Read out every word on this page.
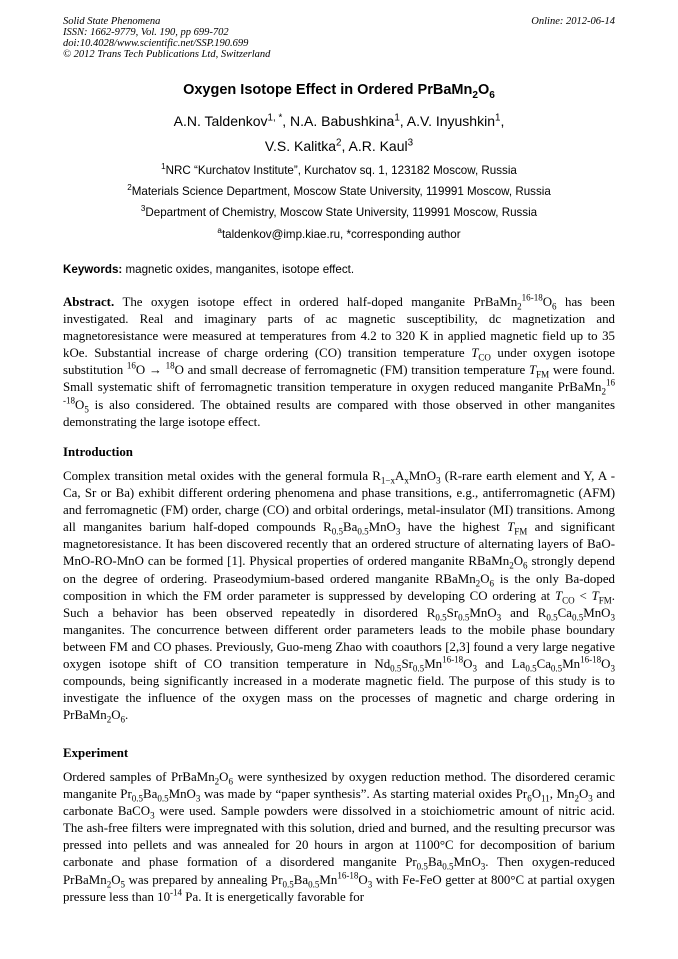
Solid State Phenomena
ISSN: 1662-9779, Vol. 190, pp 699-702
doi:10.4028/www.scientific.net/SSP.190.699
© 2012 Trans Tech Publications Ltd, Switzerland
Online: 2012-06-14
Oxygen Isotope Effect in Ordered $PrBaMn_2O_6$
A.N. Taldenkov$^{1, *}$, N.A. Babushkina$^1$, A.V. Inyushkin$^1$,
V.S. Kalitka$^2$, A.R. Kaul$^3$
$^1$NRC “Kurchatov Institute”, Kurchatov sq. 1, 123182 Moscow, Russia
$^2$Materials Science Department, Moscow State University, 119991 Moscow, Russia
$^3$Department of Chemistry, Moscow State University, 119991 Moscow, Russia
$^a$taldenkov@imp.kiae.ru, *corresponding author
Keywords: magnetic oxides, manganites, isotope effect.
Abstract. The oxygen isotope effect in ordered half-doped manganite $PrBaMn_2^{16-18}O_6$ has been investigated. Real and imaginary parts of ac magnetic susceptibility, dc magnetization and magnetoresistance were measured at temperatures from 4.2 to 320 K in applied magnetic field up to 35 kOe. Substantial increase of charge ordering (CO) transition temperature $T_{CO}$ under oxygen isotope substitution $^{16}$O → $^{18}$O and small decrease of ferromagnetic (FM) transition temperature $T_{FM}$ were found. Small systematic shift of ferromagnetic transition temperature in oxygen reduced manganite $PrBaMn_2^{16 -18}O_5$ is also considered. The obtained results are compared with those observed in other manganites demonstrating the large isotope effect.
Introduction
Complex transition metal oxides with the general formula $R_{1-x}A_xMnO_3$ (R-rare earth element and Y, A - Ca, Sr or Ba) exhibit different ordering phenomena and phase transitions, e.g., antiferromagnetic (AFM) and ferromagnetic (FM) order, charge (CO) and orbital orderings, metal-insulator (MI) transitions. Among all manganites barium half-doped compounds $R_{0.5}Ba_{0.5}MnO_3$ have the highest $T_{FM}$ and significant magnetoresistance. It has been discovered recently that an ordered structure of alternating layers of BaO-MnO-RO-MnO can be formed [1]. Physical properties of ordered manganite $RBaMn_2O_6$ strongly depend on the degree of ordering. Praseodymium-based ordered manganite $RBaMn_2O_6$ is the only Ba-doped composition in which the FM order parameter is suppressed by developing CO ordering at $T_{CO} < T_{FM}$. Such a behavior has been observed repeatedly in disordered $R_{0.5}Sr_{0.5}MnO_3$ and $R_{0.5}Ca_{0.5}MnO_3$ manganites. The concurrence between different order parameters leads to the mobile phase boundary between FM and CO phases. Previously, Guo-meng Zhao with coauthors [2,3] found a very large negative oxygen isotope shift of CO transition temperature in $Nd_{0.5}Sr_{0.5}Mn^{16-18}O_3$ and $La_{0.5}Ca_{0.5}Mn^{16-18}O_3$ compounds, being significantly increased in a moderate magnetic field. The purpose of this study is to investigate the influence of the oxygen mass on the processes of magnetic and charge ordering in $PrBaMn_2O_6$.
Experiment
Ordered samples of $PrBaMn_2O_6$ were synthesized by oxygen reduction method. The disordered ceramic manganite $Pr_{0.5}Ba_{0.5}MnO_3$ was made by “paper synthesis”. As starting material oxides $Pr_6O_{11}$, $Mn_2O_3$ and carbonate BaCO$_3$ were used. Sample powders were dissolved in a stoichiometric amount of nitric acid. The ash-free filters were impregnated with this solution, dried and burned, and the resulting precursor was pressed into pellets and was annealed for 20 hours in argon at 1100°C for decomposition of barium carbonate and phase formation of a disordered manganite $Pr_{0.5}Ba_{0.5}MnO_3$. Then oxygen-reduced $PrBaMn_2O_5$ was prepared by annealing $Pr_{0.5}Ba_{0.5}Mn^{16-18}O_3$ with Fe-FeO getter at 800°C at partial oxygen pressure less than $10^{-14}$ Pa. It is energetically favorable for
